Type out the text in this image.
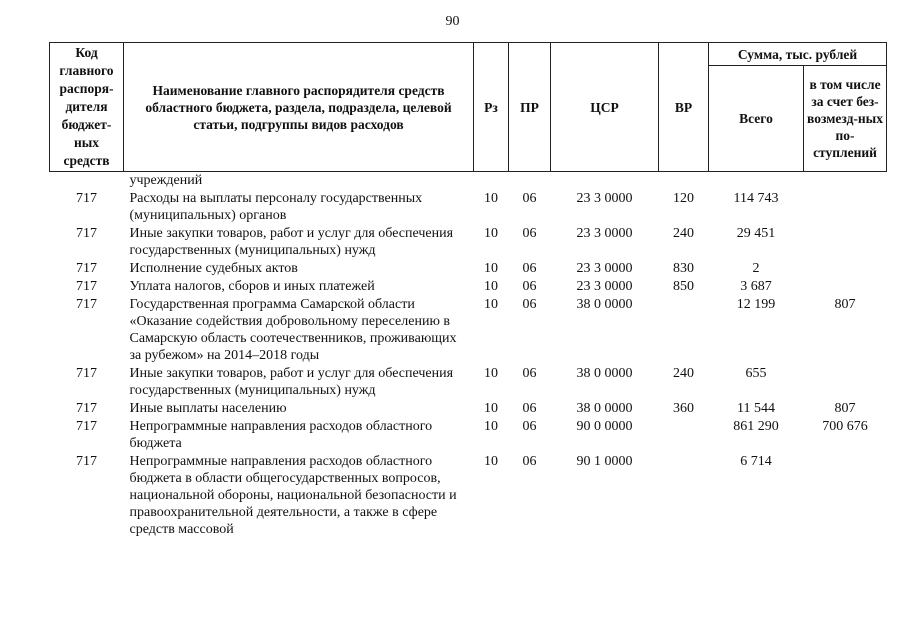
90
Код главного распоря-дителя бюджет-ных средств	Наименование главного распорядителя средств областного бюджета, раздела, подраздела, целевой статьи, подгруппы видов расходов	Рз	ПР	ЦСР	ВР	Сумма, тыс. рублей	
						Всего	в том числе за счет без-возмезд-ных по-ступлений
	учреждений						
717	Расходы на выплаты персоналу государственных (муниципальных) органов	10	06	23 3 0000	120	114 743	
717	Иные закупки товаров, работ и услуг для обеспечения государственных (муниципальных) нужд	10	06	23 3 0000	240	29 451	
717	Исполнение судебных актов	10	06	23 3 0000	830	2	
717	Уплата налогов, сборов и иных платежей	10	06	23 3 0000	850	3 687	
717	Государственная программа Самарской области «Оказание содействия добровольному переселению в Самарскую область соотечественников, проживающих за рубежом» на 2014–2018 годы	10	06	38 0 0000		12 199	807
717	Иные закупки товаров, работ и услуг для обеспечения государственных (муниципальных) нужд	10	06	38 0 0000	240	655	
717	Иные выплаты населению	10	06	38 0 0000	360	11 544	807
717	Непрограммные направления расходов областного бюджета	10	06	90 0 0000		861 290	700 676
717	Непрограммные направления расходов областного бюджета в области общегосударственных вопросов, национальной обороны, национальной безопасности и правоохранительной деятельности, а также в сфере средств массовой	10	06	90 1 0000		6 714	
